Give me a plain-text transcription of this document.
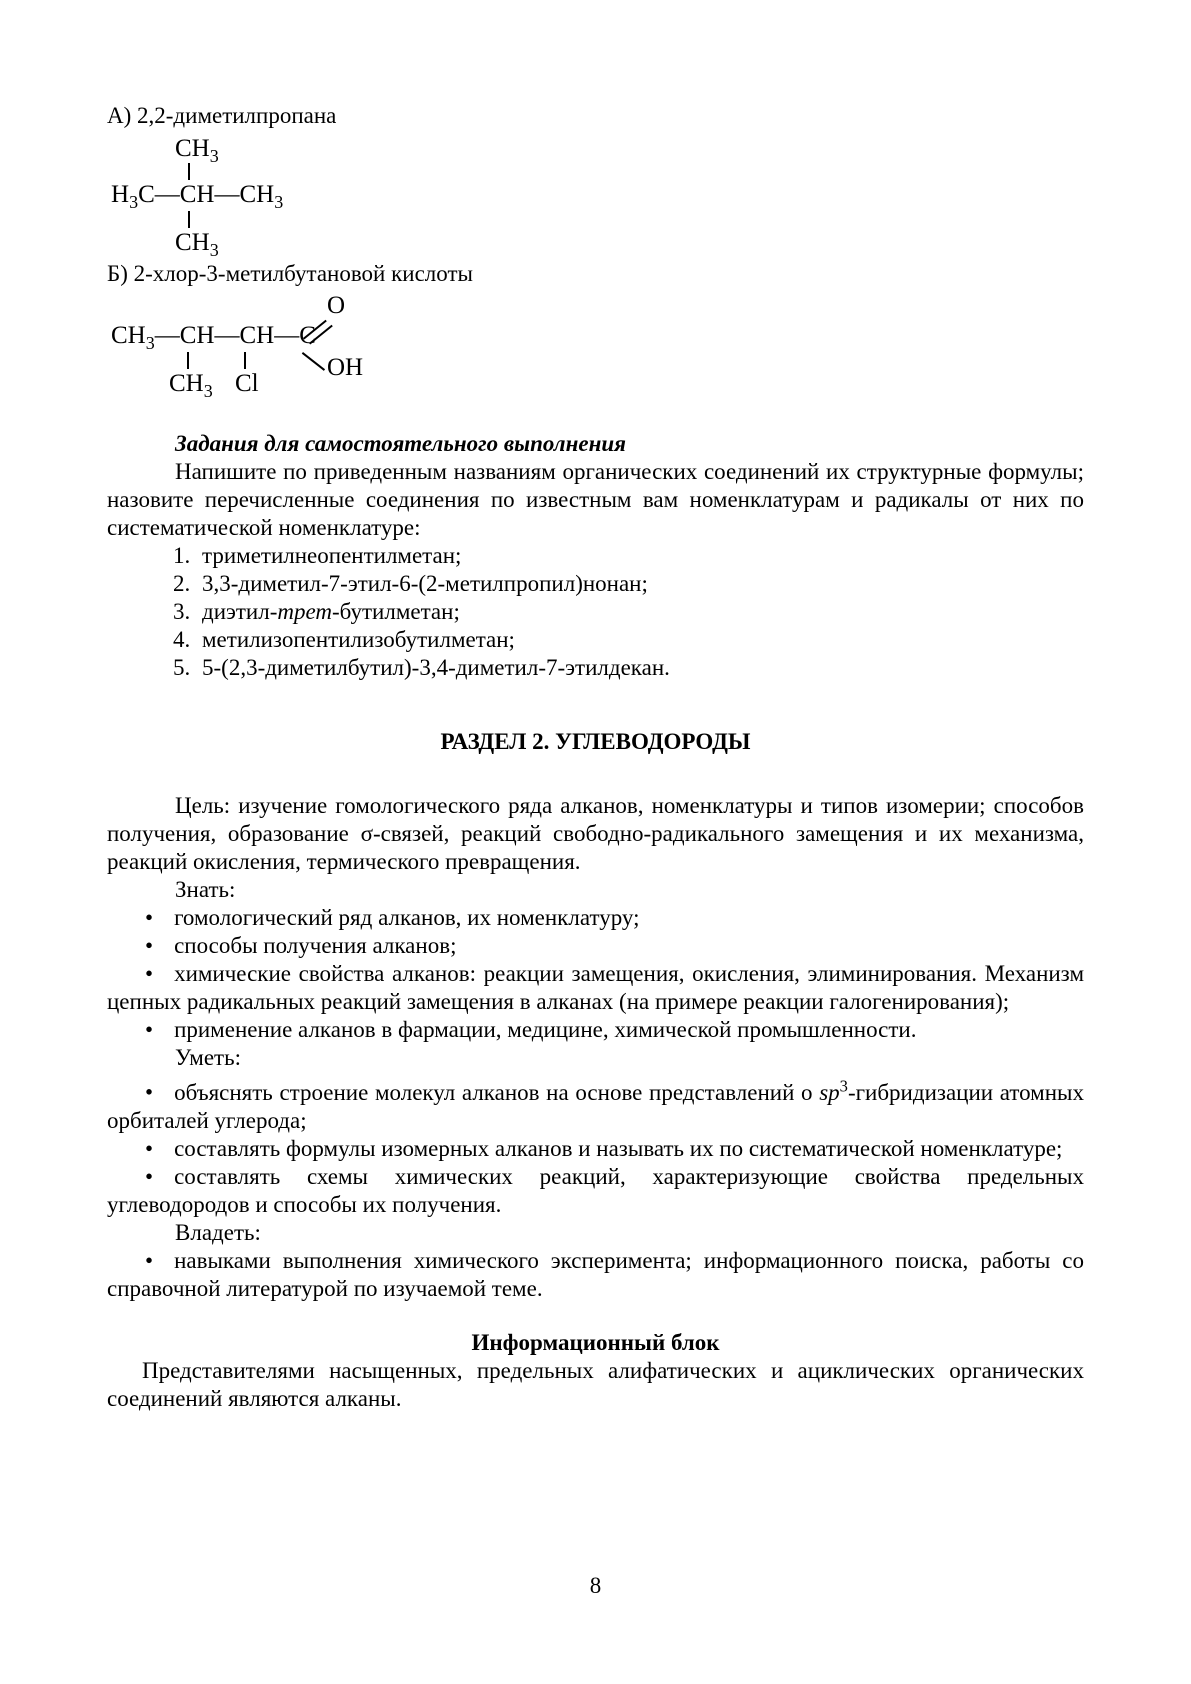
А) 2,2-диметилпропана

$CH_3$
$H_3C—CH—CH_3$
$CH_3$

Б) 2-хлор-3-метилбутановой кислоты

O
$CH_3—CH—CH—C$
OH
$CH_3$ Cl

Задания для самостоятельного выполнения

Напишите по приведенным названиям органических соединений их структурные формулы; назовите перечисленные соединения по известным вам номенклатурам и радикалы от них по систематической номенклатуре:

1. триметилнеопентилметан;
2. 3,3-диметил-7-этил-6-(2-метилпропил)нонан;
3. диэтил-трет-бутилметан;
4. метилизопентилизобутилметан;
5. 5-(2,3-диметилбутил)-3,4-диметил-7-этилдекан.

РАЗДЕЛ 2. УГЛЕВОДОРОДЫ

Цель: изучение гомологического ряда алканов, номенклатуры и типов изомерии; способов получения, образование σ-связей, реакций свободно-радикального замещения и их механизма, реакций окисления, термического превращения.

Знать:

• гомологический ряд алканов, их номенклатуру;

• способы получения алканов;

• химические свойства алканов: реакции замещения, окисления, элиминирования. Механизм цепных радикальных реакций замещения в алканах (на примере реакции галогенирования);

• применение алканов в фармации, медицине, химической промышленности.

Уметь:

• объяснять строение молекул алканов на основе представлений о $sp^3$-гибридизации атомных орбиталей углерода;

• составлять формулы изомерных алканов и называть их по систематической номенклатуре;

• составлять схемы химических реакций, характеризующие свойства предельных углеводородов и способы их получения.

Владеть:

• навыками выполнения химического эксперимента; информационного поиска, работы со справочной литературой по изучаемой теме.

Информационный блок

Представителями насыщенных, предельных алифатических и ациклических органических соединений являются алканы.

8
